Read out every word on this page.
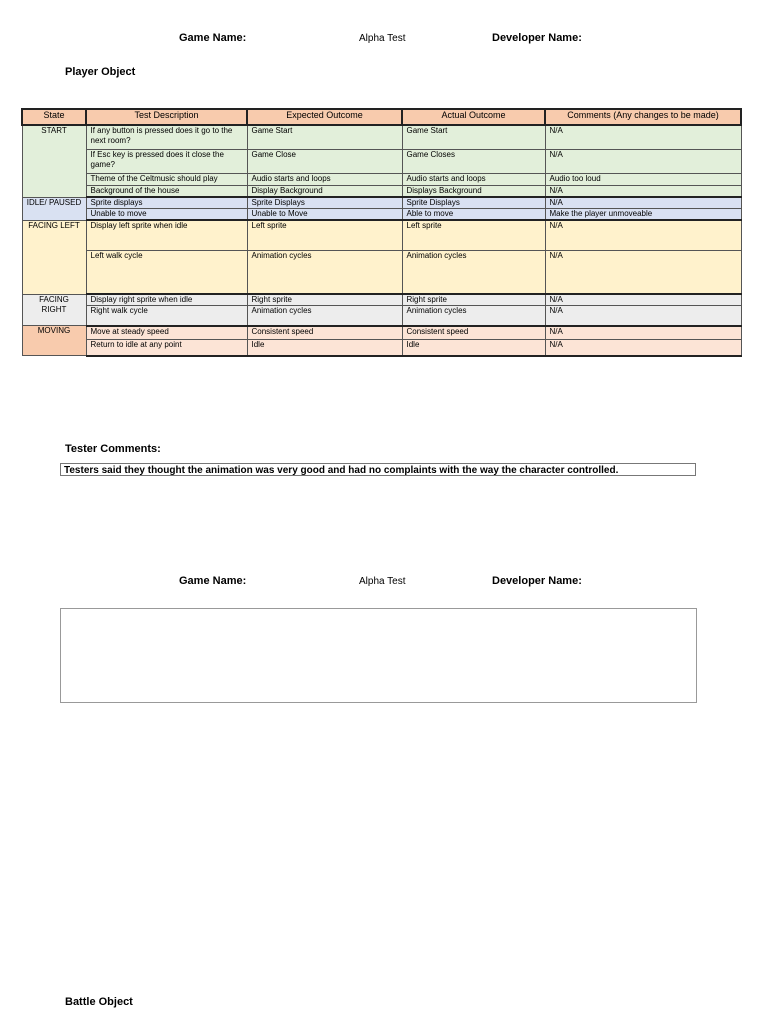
Game Name:	Alpha Test	Developer Name:
Player Object
State	Test Description	Expected Outcome	Actual Outcome	Comments (Any changes to be made)
START	If any button is pressed does it go to the next room?	Game Start	Game Start	N/A
	If Esc key is pressed does it close the game?	Game Close	Game Closes	N/A
	Theme of the Celtmusic should play	Audio starts and loops	Audio starts and loops	Audio too loud
	Background of the house	Display Background	Displays Background	N/A
IDLE/ PAUSED	Sprite displays	Sprite Displays	Sprite Displays	N/A
	Unable to move	Unable to Move	Able to move	Make the player unmoveable
FACING LEFT	Display left sprite when idle	Left sprite	Left sprite	N/A
	Left walk cycle	Animation cycles	Animation cycles	N/A
FACING RIGHT	Display right sprite when idle	Right sprite	Right sprite	N/A
	Right walk cycle	Animation cycles	Animation cycles	N/A
MOVING	Move at steady speed	Consistent speed	Consistent speed	N/A
	Return to idle at any point	Idle	Idle	N/A
Tester Comments:
Testers said they thought the animation was very good and had no complaints with the way the character controlled.
Game Name:	Alpha Test	Developer Name:
Battle Object
